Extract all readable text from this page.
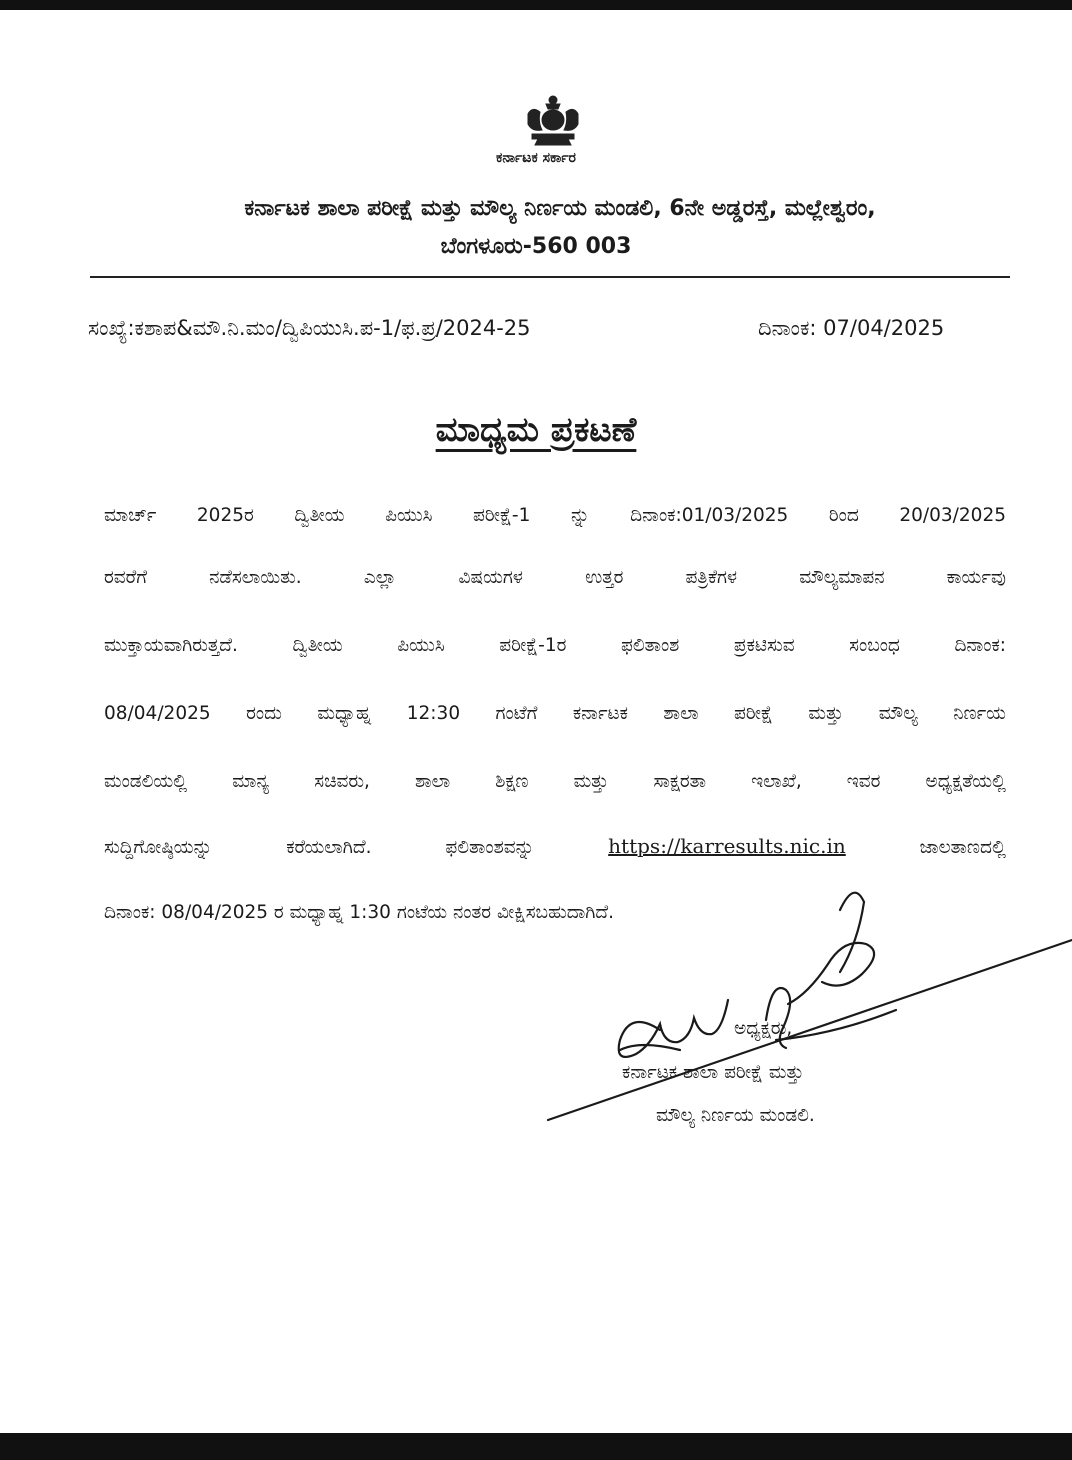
ಕರ್ನಾಟಕ ಸರ್ಕಾರ
ಕರ್ನಾಟಕ ಶಾಲಾ ಪರೀಕ್ಷೆ ಮತ್ತು ಮೌಲ್ಯ ನಿರ್ಣಯ ಮಂಡಲಿ, 6ನೇ ಅಡ್ಡರಸ್ತೆ, ಮಲ್ಲೇಶ್ವರಂ,
ಬೆಂಗಳೂರು-560 003
ಸಂಖ್ಯೆ:ಕಶಾಪ&ಮೌ.ನಿ.ಮಂ/ದ್ವಿಪಿಯುಸಿ.ಪ-1/ಫ.ಪ್ರ/2024-25	ದಿನಾಂಕ: 07/04/2025
ಮಾಧ್ಯಮ ಪ್ರಕಟಣೆ
ಮಾರ್ಚ್ 2025ರ ದ್ವಿತೀಯ ಪಿಯುಸಿ ಪರೀಕ್ಷೆ-1 ನ್ನು ದಿನಾಂಕ:01/03/2025 ರಿಂದ 20/03/2025
ರವರೆಗೆ ನಡೆಸಲಾಯಿತು. ಎಲ್ಲಾ ವಿಷಯಗಳ ಉತ್ತರ ಪತ್ರಿಕೆಗಳ ಮೌಲ್ಯಮಾಪನ ಕಾರ್ಯವು
ಮುಕ್ತಾಯವಾಗಿರುತ್ತದೆ. ದ್ವಿತೀಯ ಪಿಯುಸಿ ಪರೀಕ್ಷೆ-1ರ ಫಲಿತಾಂಶ ಪ್ರಕಟಿಸುವ ಸಂಬಂಧ ದಿನಾಂಕ:
08/04/2025 ರಂದು ಮಧ್ಯಾಹ್ನ 12:30 ಗಂಟೆಗೆ ಕರ್ನಾಟಕ ಶಾಲಾ ಪರೀಕ್ಷೆ ಮತ್ತು ಮೌಲ್ಯ ನಿರ್ಣಯ
ಮಂಡಲಿಯಲ್ಲಿ ಮಾನ್ಯ ಸಚಿವರು, ಶಾಲಾ ಶಿಕ್ಷಣ ಮತ್ತು ಸಾಕ್ಷರತಾ ಇಲಾಖೆ, ಇವರ ಅಧ್ಯಕ್ಷತೆಯಲ್ಲಿ
ಸುದ್ದಿಗೋಷ್ಠಿಯನ್ನು ಕರೆಯಲಾಗಿದೆ. ಫಲಿತಾಂಶವನ್ನು https://karresults.nic.in ಜಾಲತಾಣದಲ್ಲಿ
ದಿನಾಂಕ: 08/04/2025 ರ ಮಧ್ಯಾಹ್ನ 1:30 ಗಂಟೆಯ ನಂತರ ವೀಕ್ಷಿಸಬಹುದಾಗಿದೆ.
ಅಧ್ಯಕ್ಷರು,
ಕರ್ನಾಟಕ ಶಾಲಾ ಪರೀಕ್ಷೆ ಮತ್ತು
ಮೌಲ್ಯ ನಿರ್ಣಯ ಮಂಡಲಿ.
